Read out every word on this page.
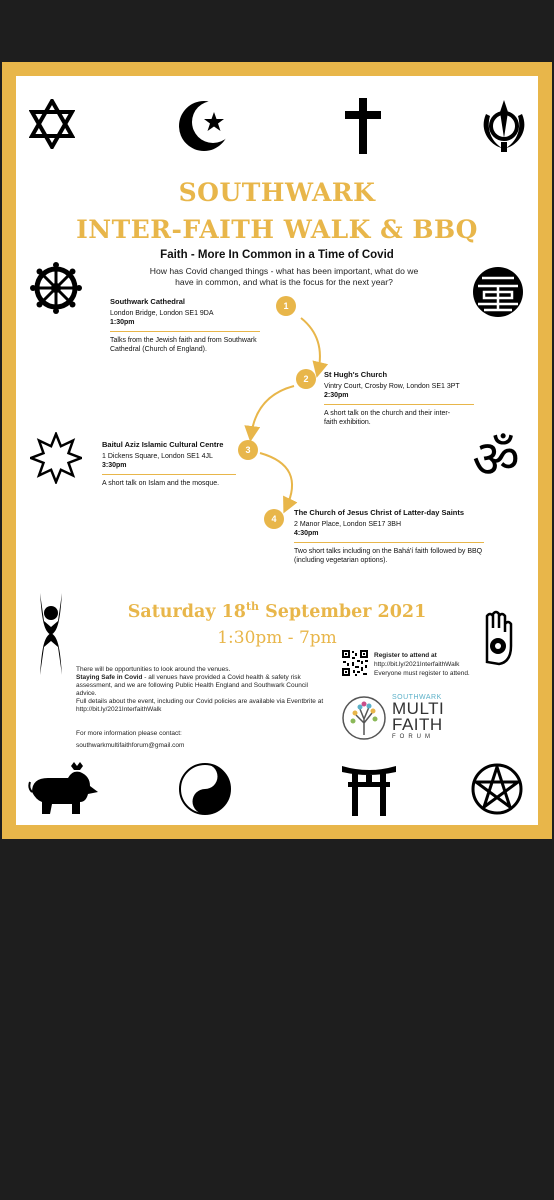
ॐ
SOUTHWARK
INTER-FAITH WALK & BBQ
Faith - More In Common in a Time of Covid
How has Covid changed things - what has been important, what do we have in common, and what is the focus for the next year?
1
Southwark Cathedral
London Bridge, London SE1 9DA
1:30pm
Talks from the Jewish faith and from Southwark Cathedral (Church of England).
2	St Hugh's Church
Vintry Court, Crosby Row, London SE1 3PT
2:30pm
A short talk on the church and their inter-faith exhibition.
3
Baitul Aziz Islamic Cultural Centre
1 Dickens Square, London SE1 4JL
3:30pm
A short talk on Islam and the mosque.
4
The Church of Jesus Christ of Latter-day Saints
2 Manor Place, London SE17 3BH
4:30pm
Two short talks including on the Bahá'í faith followed by BBQ (including vegetarian options).
Saturday 18th September 2021
1:30pm - 7pm

There will be opportunities to look around the venues.

Staying Safe in Covid - all venues have provided a Covid health & safety risk assessment, and we are following Public Health England and Southwark Council advice.

Full details about the event, including our Covid policies are available via Eventbrite at http://bit.ly/2021InterfaithWalk

For more information please contact:
southwarkmultifaithforum@gmail.com
Register to attend at
http://bit.ly/2021InterfaithWalk
Everyone must register to attend.
SOUTHWARK
MULTI
FAITH
FORUM
